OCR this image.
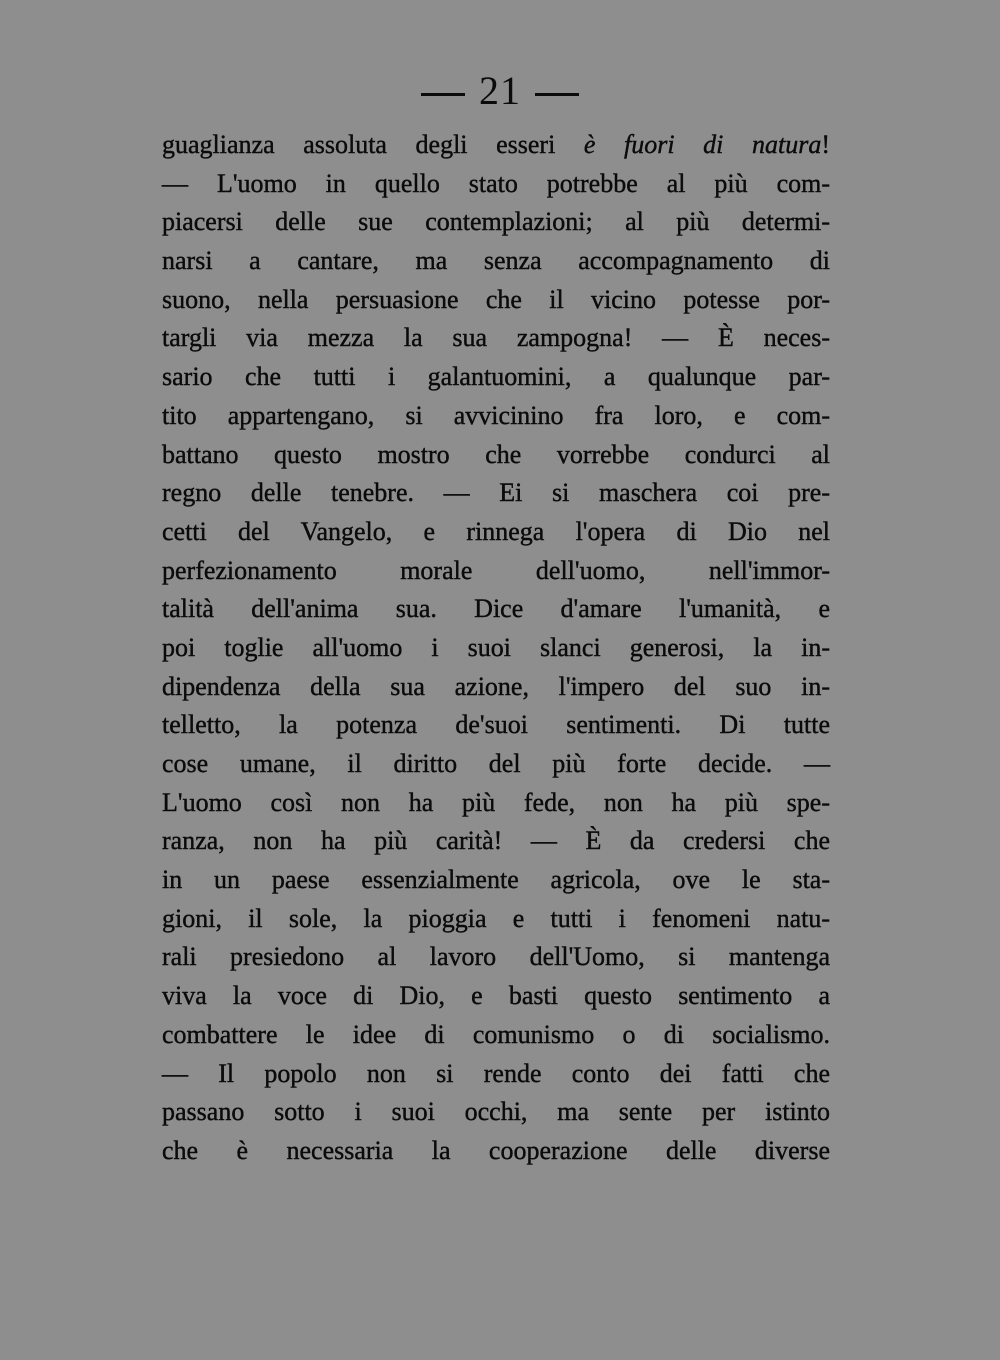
21
guaglianza assoluta degli esseri è fuori di natura!
— L'uomo in quello stato potrebbe al più com-
piacersi delle sue contemplazioni; al più determi-
narsi a cantare, ma senza accompagnamento di
suono, nella persuasione che il vicino potesse por-
targli via mezza la sua zampogna! — È neces-
sario che tutti i galantuomini, a qualunque par-
tito appartengano, si avvicinino fra loro, e com-
battano questo mostro che vorrebbe condurci al
regno delle tenebre. — Ei si maschera coi pre-
cetti del Vangelo, e rinnega l'opera di Dio nel
perfezionamento morale dell'uomo, nell'immor-
talità dell'anima sua. Dice d'amare l'umanità, e
poi toglie all'uomo i suoi slanci generosi, la in-
dipendenza della sua azione, l'impero del suo in-
telletto, la potenza de'suoi sentimenti. Di tutte
cose umane, il diritto del più forte decide. —
L'uomo così non ha più fede, non ha più spe-
ranza, non ha più carità! — È da credersi che
in un paese essenzialmente agricola, ove le sta-
gioni, il sole, la pioggia e tutti i fenomeni natu-
rali presiedono al lavoro dell'Uomo, si mantenga
viva la voce di Dio, e basti questo sentimento a
combattere le idee di comunismo o di socialismo.
— Il popolo non si rende conto dei fatti che
passano sotto i suoi occhi, ma sente per istinto
che è necessaria la cooperazione delle diverse
